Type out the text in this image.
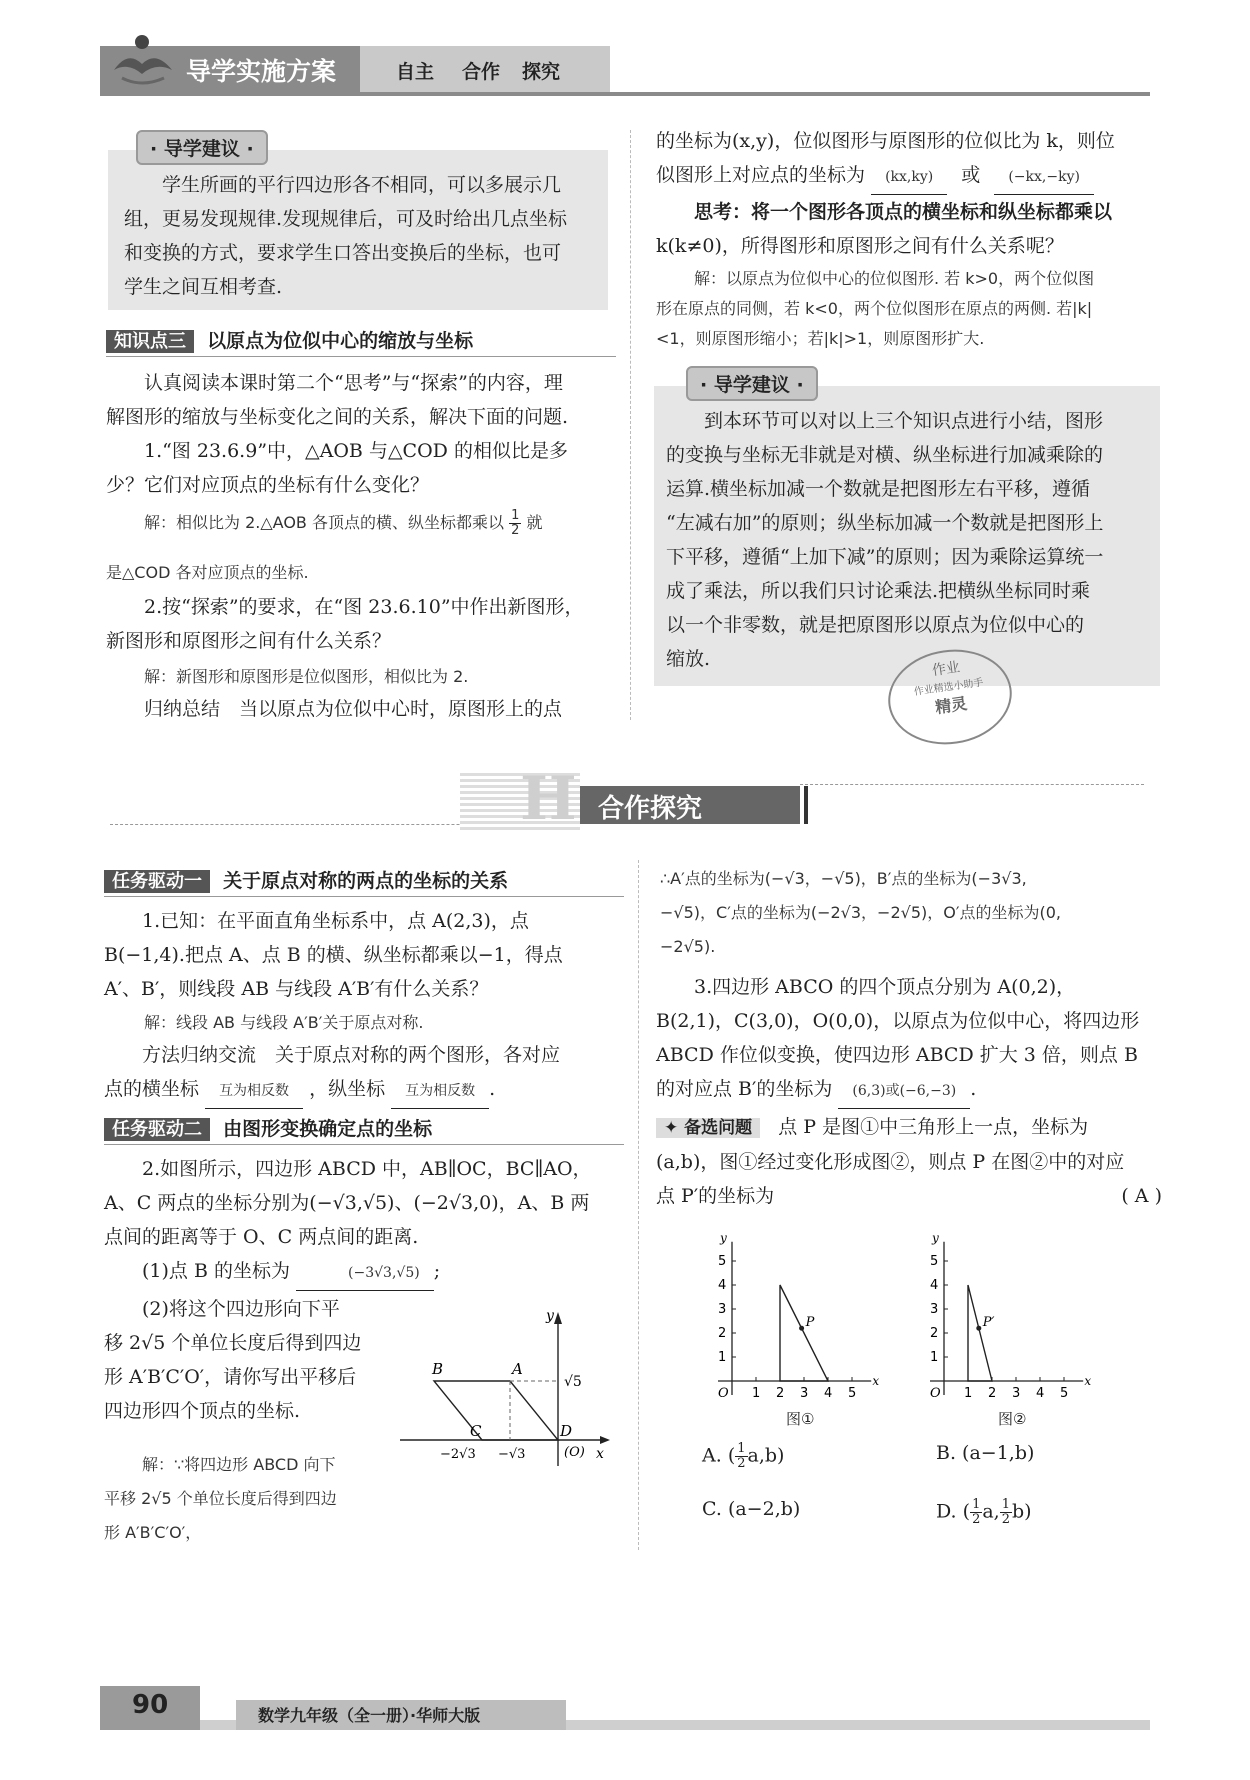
导学实施方案	自主 合作 探究
· 导学建议 ·
学生所画的平行四边形各不相同，可以多展示几
组，更易发现规律.发现规律后，可及时给出几点坐标
和变换的方式，要求学生口答出变换后的坐标，也可
学生之间互相考查.
知识点三 以原点为位似中心的缩放与坐标
认真阅读本课时第二个“思考”与“探索”的内容，理
解图形的缩放与坐标变化之间的关系，解决下面的问题.
1.“图 23.6.9”中，△AOB 与△COD 的相似比是多
少？它们对应顶点的坐标有什么变化？
解：相似比为 2.△AOB 各顶点的横、纵坐标都乘以 $\frac{1}{2}$ 就
是△COD 各对应顶点的坐标.
2.按“探索”的要求，在“图 23.6.10”中作出新图形，
新图形和原图形之间有什么关系？
解：新图形和原图形是位似图形，相似比为 2.
归纳总结　当以原点为位似中心时，原图形上的点
的坐标为(x,y)，位似图形与原图形的位似比为 k，则位
似图形上对应点的坐标为 (kx,ky) 或 (−kx,−ky)
思考：将一个图形各顶点的横坐标和纵坐标都乘以
k(k≠0)，所得图形和原图形之间有什么关系呢？
解：以原点为位似中心的位似图形. 若 k>0，两个位似图
形在原点的同侧，若 k<0，两个位似图形在原点的两侧. 若|k|
<1，则原图形缩小；若|k|>1，则原图形扩大.
· 导学建议 ·
到本环节可以对以上三个知识点进行小结，图形
的变换与坐标无非就是对横、纵坐标进行加减乘除的
运算.横坐标加减一个数就是把图形左右平移，遵循
“左减右加”的原则；纵坐标加减一个数就是把图形上
下平移，遵循“上加下减”的原则；因为乘除运算统一
成了乘法，所以我们只讨论乘法.把横纵坐标同时乘
以一个非零数，就是把原图形以原点为位似中心的
缩放.	作业
作业精选小助手
精灵
H 合作探究
任务驱动一 关于原点对称的两点的坐标的关系
1.已知：在平面直角坐标系中，点 A(2,3)，点
B(−1,4).把点 A、点 B 的横、纵坐标都乘以−1，得点
A′、B′，则线段 AB 与线段 A′B′有什么关系？
解：线段 AB 与线段 A′B′关于原点对称.
方法归纳交流　关于原点对称的两个图形，各对应
点的横坐标 互为相反数 ，纵坐标 互为相反数 .
任务驱动二 由图形变换确定点的坐标
2.如图所示，四边形 ABCD 中，AB∥OC，BC∥AO，
A、C 两点的坐标分别为(−√3,√5)、(−2√3,0)，A、B 两
点间的距离等于 O、C 两点间的距离.
(1)点 B 的坐标为	(−3√3,√5) ;
(2)将这个四边形向下平
移 2√5 个单位长度后得到四边
形 A′B′C′O′，请你写出平移后
四边形四个顶点的坐标.
解：∵将四边形 ABCD 向下
平移 2√5 个单位长度后得到四边
形 A′B′C′O′，
y
x
B	A
C	D
(O)
√5
−2√3 −√3
∴A′点的坐标为(−√3，−√5)，B′点的坐标为(−3√3,
−√5)，C′点的坐标为(−2√3，−2√5)，O′点的坐标为(0,
−2√5).
3.四边形 ABCO 的四个顶点分别为 A(0,2)，
B(2,1)，C(3,0)，O(0,0)，以原点为位似中心，将四边形
ABCD 作位似变换，使四边形 ABCD 扩大 3 倍，则点 B
的对应点 B′的坐标为 (6,3)或(−6,−3) .
✦ 备选问题 点 P 是图①中三角形上一点，坐标为
(a,b)，图①经过变化形成图②，则点 P 在图②中的对应
点 P′的坐标为	( A )
x
y
O 1 2 3 4 5
1
2
3
4
5
P
图①
x
y
O 1 2 3 4 5
1
2
3
4
5
P′
图②
A. ( $\frac{1}{2} a,b$)	B. (a−1,b)
C. (a−2,b)	D. ( $\frac{1}{2} a$, $\frac{1}{2} b$)
90	数学九年级（全一册）·华师大版
